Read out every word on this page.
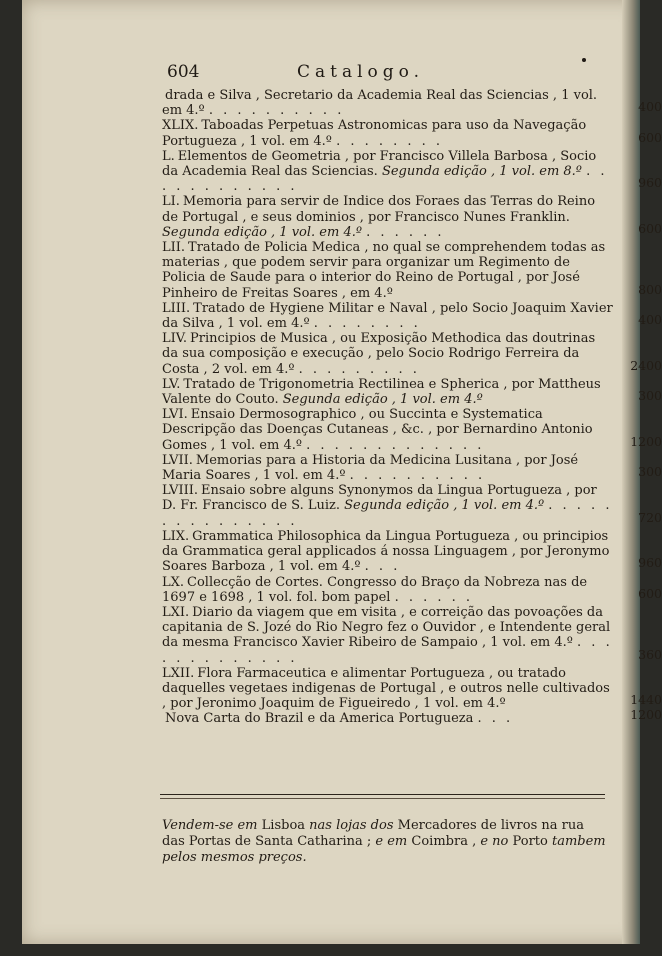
604	Catalogo.
drada e Silva , Secretario da Academia Real das Sciencias , 1 vol. em 4.º . . . . . . . . . .	400
XLIX. Taboadas Perpetuas Astronomicas para uso da Navegação Portugueza , 1 vol. em 4.º . . . . . . . .	600
L. Elementos de Geometria , por Francisco Villela Barbosa , Socio da Academia Real das Sciencias. Segunda edição , 1 vol. em 8.º . . . . . . . . . . . .	960
LI. Memoria para servir de Indice dos Foraes das Terras do Reino de Portugal , e seus dominios , por Francisco Nunes Franklin. Segunda edição , 1 vol. em 4.º . . . . . .	600
LII. Tratado de Policia Medica , no qual se comprehendem todas as materias , que podem servir para organizar um Regimento de Policia de Saude para o interior do Reino de Portugal , por José Pinheiro de Freitas Soares , em 4.º	800
LIII. Tratado de Hygiene Militar e Naval , pelo Socio Joaquim Xavier da Silva , 1 vol. em 4.º . . . . . . . .	400
LIV. Principios de Musica , ou Exposição Methodica das doutrinas da sua composição e execução , pelo Socio Rodrigo Ferreira da Costa , 2 vol. em 4.º . . . . . . . . .	2400
LV. Tratado de Trigonometria Rectilinea e Spherica , por Mattheus Valente do Couto. Segunda edição , 1 vol. em 4.º	300
LVI. Ensaio Dermosographico , ou Succinta e Systematica Descripção das Doenças Cutaneas , &c. , por Bernardino Antonio Gomes , 1 vol. em 4.º . . . . . . . . . . . . .	1200
LVII. Memorias para a Historia da Medicina Lusitana , por José Maria Soares , 1 vol. em 4.º . . . . . . . . . .	300
LVIII. Ensaio sobre alguns Synonymos da Lingua Portugueza , por D. Fr. Francisco de S. Luiz. Segunda edição , 1 vol. em 4.º . . . . . . . . . . . . . . .	720
LIX. Grammatica Philosophica da Lingua Portugueza , ou principios da Grammatica geral applicados á nossa Linguagem , por Jeronymo Soares Barboza , 1 vol. em 4.º . . .	960
LX. Collecção de Cortes. Congresso do Braço da Nobreza nas de 1697 e 1698 , 1 vol. fol. bom papel . . . . . .	600
LXI. Diario da viagem que em visita , e correição das povoações da capitania de S. Jozé do Rio Negro fez o Ouvidor , e Intendente geral da mesma Francisco Xavier Ribeiro de Sampaio , 1 vol. em 4.º . . . . . . . . . . . . .	360
LXII. Flora Farmaceutica e alimentar Portugueza , ou tratado daquelles vegetaes indigenas de Portugal , e outros nelle cultivados , por Jeronimo Joaquim de Figueiredo , 1 vol. em 4.º	1440
Nova Carta do Brazil e da America Portugueza . . .	1200
Vendem-se em Lisboa nas lojas dos Mercadores de livros na rua das Portas de Santa Catharina ; e em Coimbra , e no Porto tambem pelos mesmos preços.
